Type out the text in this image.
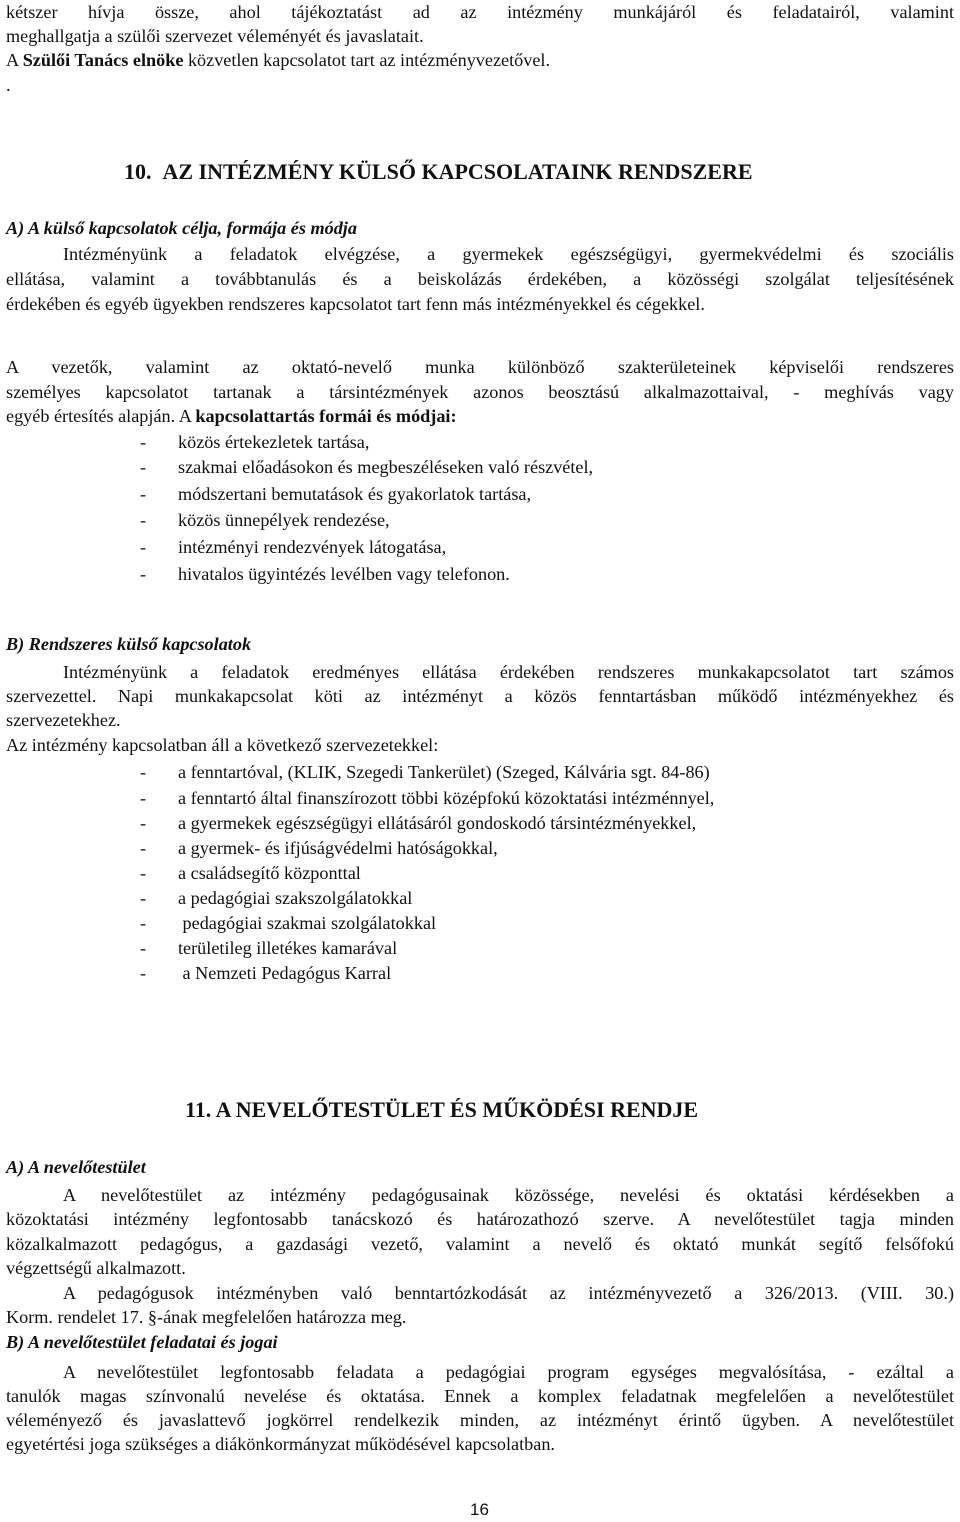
kétszer hívja össze, ahol tájékoztatást ad az intézmény munkájáról és feladatairól, valamint

meghallgatja a szülői szervezet véleményét és javaslatait.

A Szülői Tanács elnöke közvetlen kapcsolatot tart az intézményvezetővel.

.

10. AZ INTÉZMÉNY KÜLSŐ KAPCSOLATAINK RENDSZERE

A) A külső kapcsolatok célja, formája és módja

Intézményünk a feladatok elvégzése, a gyermekek egészségügyi, gyermekvédelmi és szociális

ellátása, valamint a továbbtanulás és a beiskolázás érdekében, a közösségi szolgálat teljesítésének

érdekében és egyéb ügyekben rendszeres kapcsolatot tart fenn más intézményekkel és cégekkel.

A vezetők, valamint az oktató-nevelő munka különböző szakterületeinek képviselői rendszeres

személyes kapcsolatot tartanak a társintézmények azonos beosztású alkalmazottaival, - meghívás vagy

egyéb értesítés alapján. A kapcsolattartás formái és módjai:

- közös értekezletek tartása,
- szakmai előadásokon és megbeszéléseken való részvétel,
- módszertani bemutatások és gyakorlatok tartása,
- közös ünnepélyek rendezése,
- intézményi rendezvények látogatása,
- hivatalos ügyintézés levélben vagy telefonon.

B) Rendszeres külső kapcsolatok

Intézményünk a feladatok eredményes ellátása érdekében rendszeres munkakapcsolatot tart számos

szervezettel. Napi munkakapcsolat köti az intézményt a közös fenntartásban működő intézményekhez és

szervezetekhez.

Az intézmény kapcsolatban áll a következő szervezetekkel:

- a fenntartóval, (KLIK, Szegedi Tankerület) (Szeged, Kálvária sgt. 84-86)
- a fenntartó által finanszírozott többi középfokú közoktatási intézménnyel,
- a gyermekek egészségügyi ellátásáról gondoskodó társintézményekkel,
- a gyermek- és ifjúságvédelmi hatóságokkal,
- a családsegítő központtal
- a pedagógiai szakszolgálatokkal
- pedagógiai szakmai szolgálatokkal
- területileg illetékes kamarával
- a Nemzeti Pedagógus Karral

11. A NEVELŐTESTÜLET ÉS MŰKÖDÉSI RENDJE

A) A nevelőtestület

A nevelőtestület az intézmény pedagógusainak közössége, nevelési és oktatási kérdésekben a

közoktatási intézmény legfontosabb tanácskozó és határozathozó szerve. A nevelőtestület tagja minden

közalkalmazott pedagógus, a gazdasági vezető, valamint a nevelő és oktató munkát segítő felsőfokú

végzettségű alkalmazott.

A pedagógusok intézményben való benntartózkodását az intézményvezető a 326/2013. (VIII. 30.)

Korm. rendelet 17. §-ának megfelelően határozza meg.

B) A nevelőtestület feladatai és jogai

A nevelőtestület legfontosabb feladata a pedagógiai program egységes megvalósítása, - ezáltal a

tanulók magas színvonalú nevelése és oktatása. Ennek a komplex feladatnak megfelelően a nevelőtestület

véleményező és javaslattevő jogkörrel rendelkezik minden, az intézményt érintő ügyben. A nevelőtestület

egyetértési joga szükséges a diákönkormányzat működésével kapcsolatban.

16
